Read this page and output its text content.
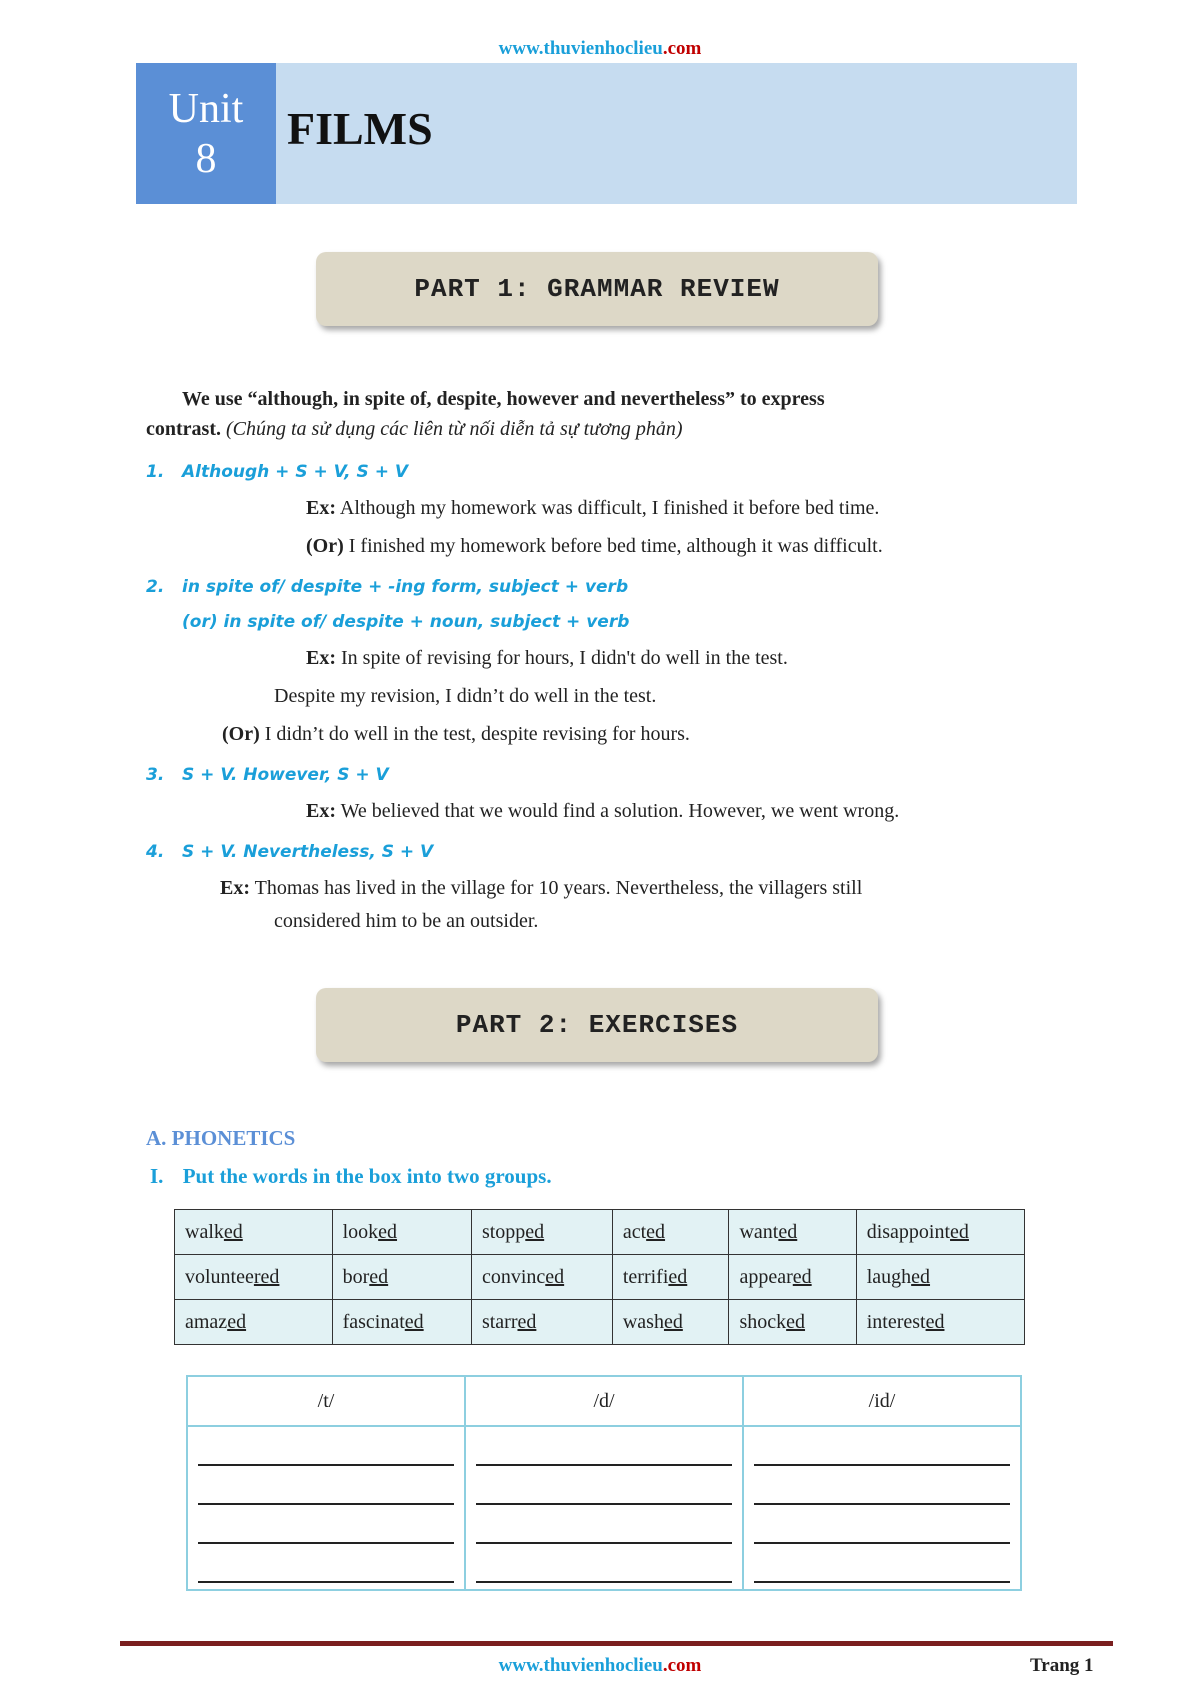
www.thuvienhoclieu.com
Unit
8
FILMS
PART 1: GRAMMAR REVIEW
We use “although, in spite of, despite, however and nevertheless” to express
contrast. (Chúng ta sử dụng các liên từ nối diễn tả sự tương phản)
1. Although + S + V, S + V
Ex: Although my homework was difficult, I finished it before bed time.
(Or) I finished my homework before bed time, although it was difficult.
2. in spite of/ despite + -ing form, subject + verb
(or) in spite of/ despite + noun, subject + verb
Ex: In spite of revising for hours, I didn't do well in the test.
Despite my revision, I didn’t do well in the test.
(Or) I didn’t do well in the test, despite revising for hours.
3. S + V. However, S + V
Ex: We believed that we would find a solution. However, we went wrong.
4. S + V. Nevertheless, S + V
Ex: Thomas has lived in the village for 10 years. Nevertheless, the villagers still
considered him to be an outsider.
PART 2: EXERCISES
A. PHONETICS
I. Put the words in the box into two groups.
walked	looked	stopped	acted	wanted	disappointed
volunteered	bored	convinced	terrified	appeared	laughed
amazed	fascinated	starred	washed	shocked	interested
/t/	/d/	/id/

www.thuvienhoclieu.com	Trang 1
